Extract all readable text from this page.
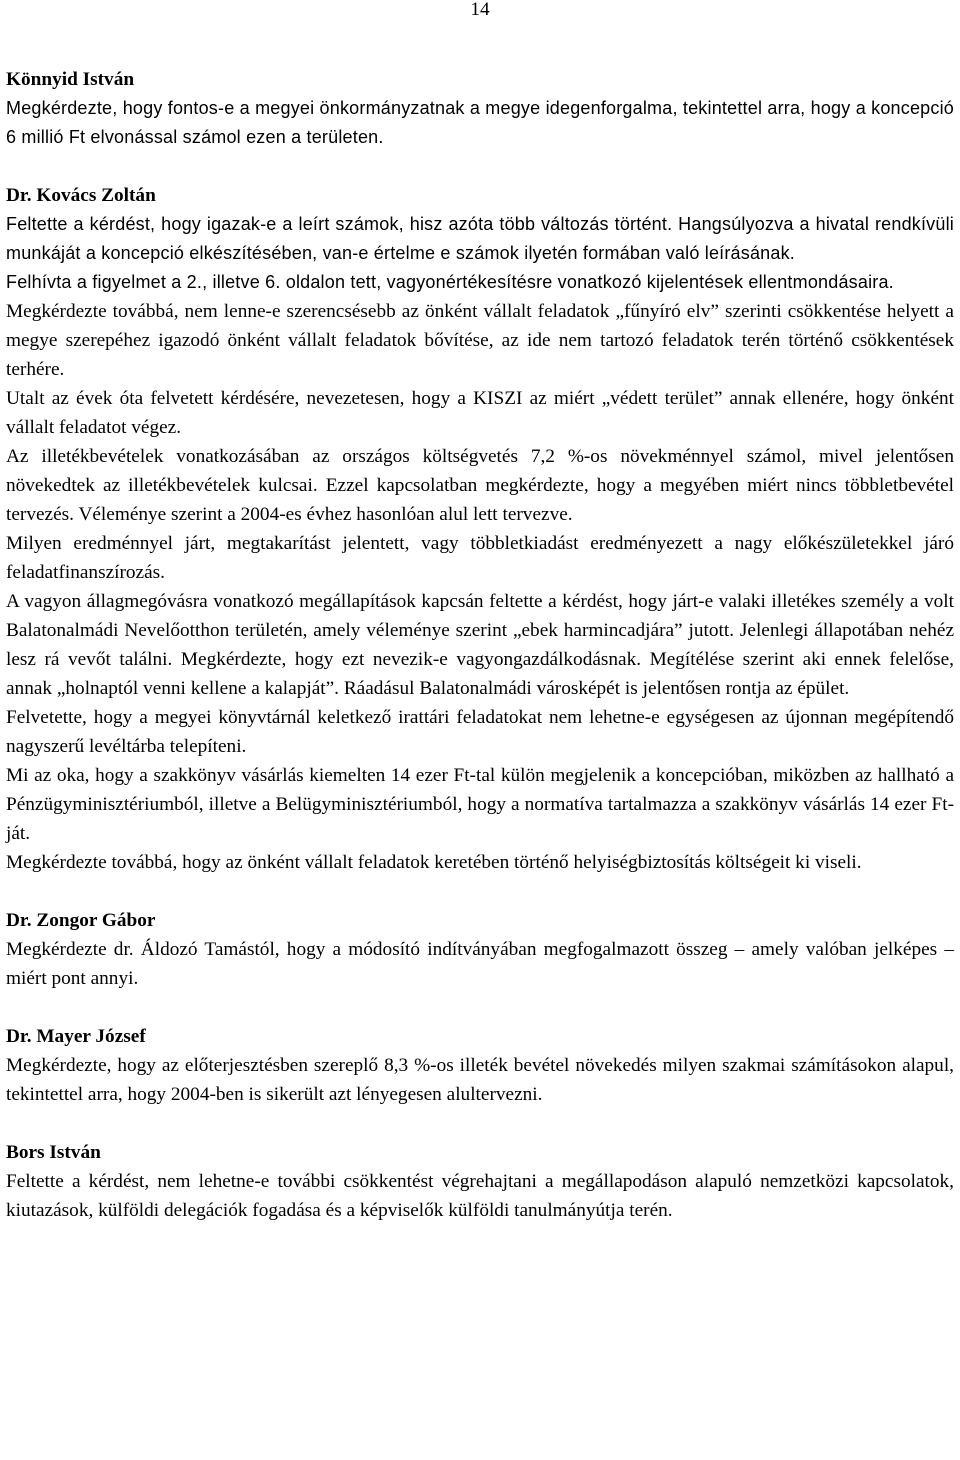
14

Könnyid István

Megkérdezte, hogy fontos-e a megyei önkormányzatnak a megye idegenforgalma, tekintettel arra, hogy a koncepció 6 millió Ft elvonással számol ezen a területen.

Dr. Kovács Zoltán

Feltette a kérdést, hogy igazak-e a leírt számok, hisz azóta több változás történt. Hangsúlyozva a hivatal rendkívüli munkáját a koncepció elkészítésében, van-e értelme e számok ilyetén formában való leírásának.

Felhívta a figyelmet a 2., illetve 6. oldalon tett, vagyonértékesítésre vonatkozó kijelentések ellentmondásaira.

Megkérdezte továbbá, nem lenne-e szerencsésebb az önként vállalt feladatok „fűnyíró elv” szerinti csökkentése helyett a megye szerepéhez igazodó önként vállalt feladatok bővítése, az ide nem tartozó feladatok terén történő csökkentések terhére.

Utalt az évek óta felvetett kérdésére, nevezetesen, hogy a KISZI az miért „védett terület” annak ellenére, hogy önként vállalt feladatot végez.

Az illetékbevételek vonatkozásában az országos költségvetés 7,2 %-os növekménnyel számol, mivel jelentősen növekedtek az illetékbevételek kulcsai. Ezzel kapcsolatban megkérdezte, hogy a megyében miért nincs többletbevétel tervezés. Véleménye szerint a 2004-es évhez hasonlóan alul lett tervezve.

Milyen eredménnyel járt, megtakarítást jelentett, vagy többletkiadást eredményezett a nagy előkészületekkel járó feladatfinanszírozás.

A vagyon állagmegóvásra vonatkozó megállapítások kapcsán feltette a kérdést, hogy járt-e valaki illetékes személy a volt Balatonalmádi Nevelőotthon területén, amely véleménye szerint „ebek harmincadjára” jutott. Jelenlegi állapotában nehéz lesz rá vevőt találni. Megkérdezte, hogy ezt nevezik-e vagyongazdálkodásnak. Megítélése szerint aki ennek felelőse, annak „holnaptól venni kellene a kalapját”. Ráadásul Balatonalmádi városképét is jelentősen rontja az épület.

Felvetette, hogy a megyei könyvtárnál keletkező irattári feladatokat nem lehetne-e egységesen az újonnan megépítendő nagyszerű levéltárba telepíteni.

Mi az oka, hogy a szakkönyv vásárlás kiemelten 14 ezer Ft-tal külön megjelenik a koncepcióban, miközben az hallható a Pénzügyminisztériumból, illetve a Belügyminisztériumból, hogy a normatíva tartalmazza a szakkönyv vásárlás 14 ezer Ft-ját.

Megkérdezte továbbá, hogy az önként vállalt feladatok keretében történő helyiségbiztosítás költségeit ki viseli.

Dr. Zongor Gábor

Megkérdezte dr. Áldozó Tamástól, hogy a módosító indítványában megfogalmazott összeg – amely valóban jelképes – miért pont annyi.

Dr. Mayer József

Megkérdezte, hogy az előterjesztésben szereplő 8,3 %-os illeték bevétel növekedés milyen szakmai számításokon alapul, tekintettel arra, hogy 2004-ben is sikerült azt lényegesen alultervezni.

Bors István

Feltette a kérdést, nem lehetne-e további csökkentést végrehajtani a megállapodáson alapuló nemzetközi kapcsolatok, kiutazások, külföldi delegációk fogadása és a képviselők külföldi tanulmányútja terén.
